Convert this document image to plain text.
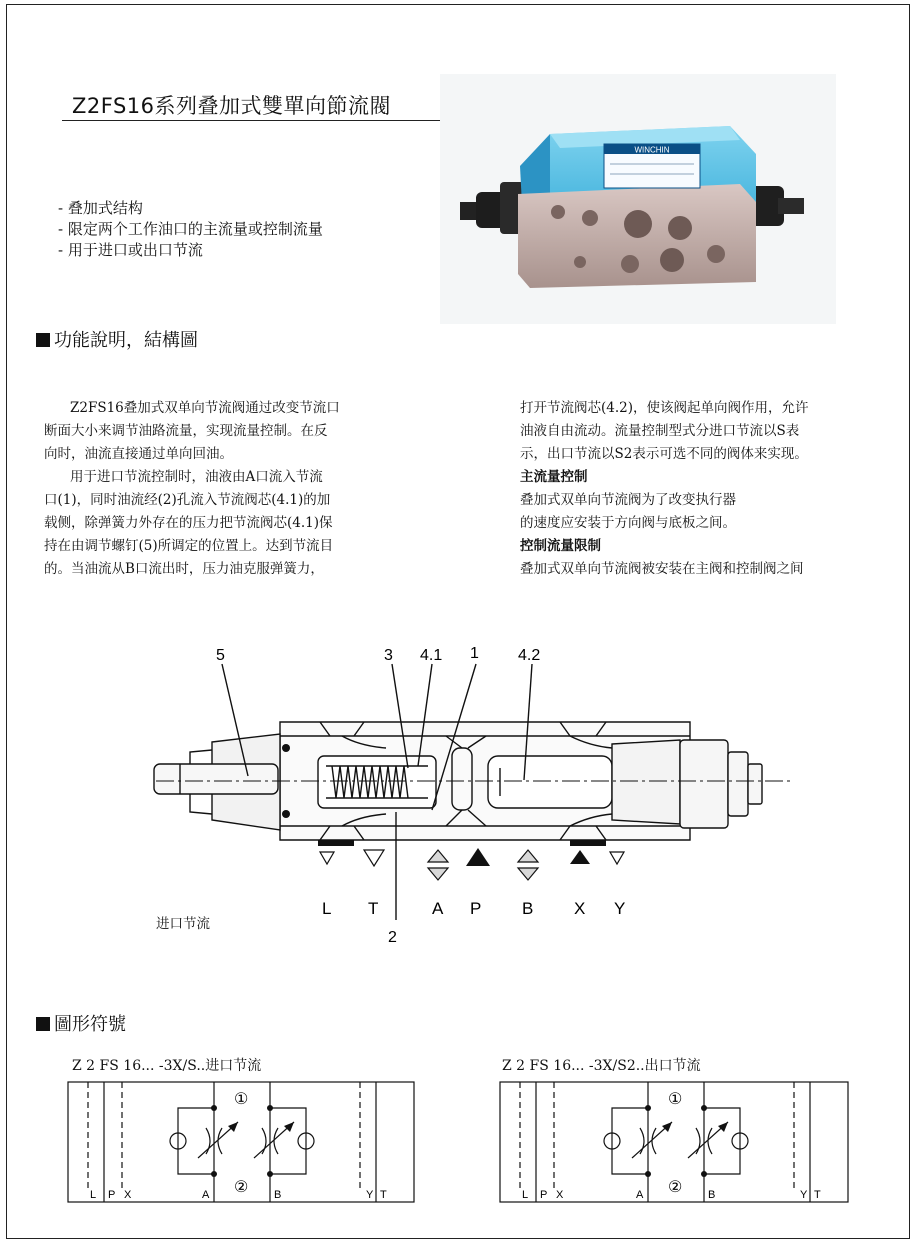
Z2FS16系列叠加式雙單向節流閥
- 叠加式结构
- 限定两个工作油口的主流量或控制流量
- 用于进口或出口节流
WINCHIN
功能說明，結構圖

Z2FS16叠加式双单向节流阀通过改变节流口

断面大小来调节油路流量，实现流量控制。在反

向时，油流直接通过单向回油。

用于进口节流控制时，油液由A口流入节流

口(1)，同时油流经(2)孔流入节流阀芯(4.1)的加

载侧，除弹簧力外存在的压力把节流阀芯(4.1)保

持在由调节螺钉(5)所调定的位置上。达到节流目

的。当油流从B口流出时，压力油克服弹簧力，

打开节流阀芯(4.2)，使该阀起单向阀作用，允许

油液自由流动。流量控制型式分进口节流以S表

示，出口节流以S2表示可选不同的阀体来实现。

主流量控制

叠加式双单向节流阀为了改变执行器

的速度应安装于方向阀与底板之间。

控制流量限制

叠加式双单向节流阀被安装在主阀和控制阀之间

5	3 4.1 1 4.2
2
L T	A P B X Y
进口节流
圖形符號
Z 2 FS 16... -3X/S..进口节流
①
②
L P X	A	B	Y T
Z 2 FS 16... -3X/S2..出口节流
①
②
L P X	A	B	Y T
